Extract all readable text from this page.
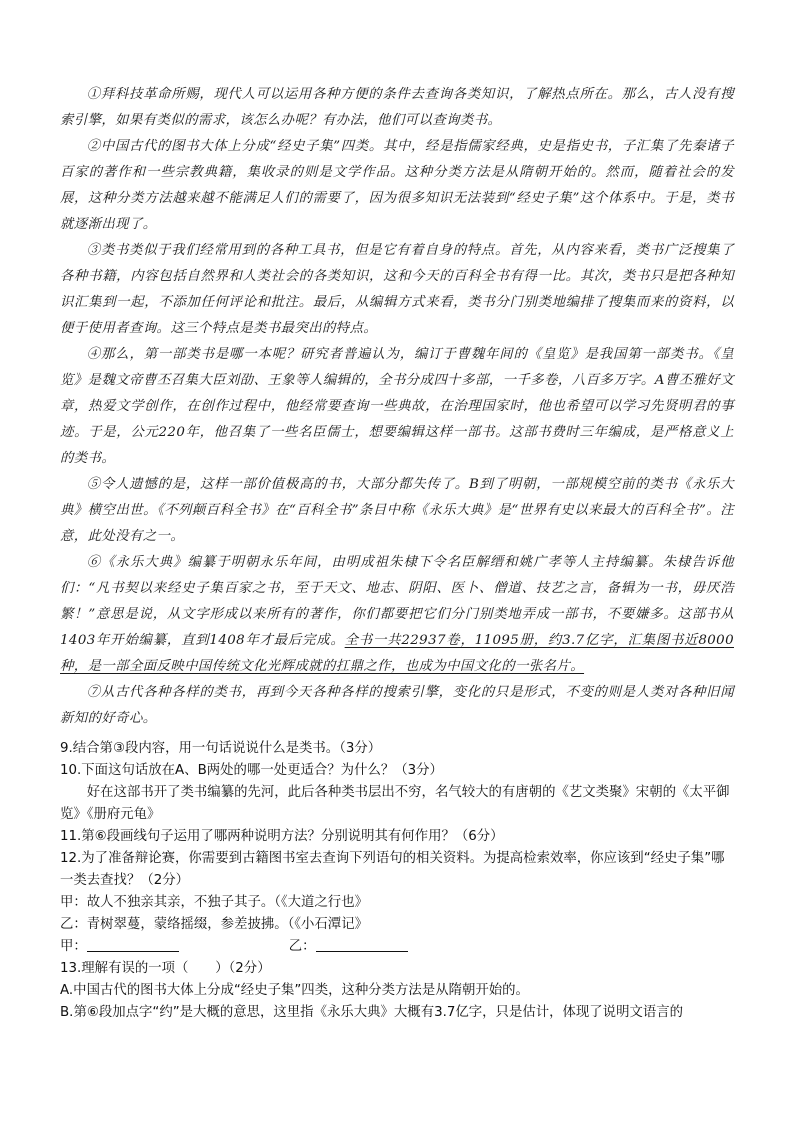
①拜科技革命所赐，现代人可以运用各种方便的条件去查询各类知识，了解热点所在。那么，古人没有搜索引擎，如果有类似的需求，该怎么办呢？有办法，他们可以查询类书。

②中国古代的图书大体上分成“经史子集”四类。其中，经是指儒家经典，史是指史书，子汇集了先秦诸子百家的著作和一些宗教典籍，集收录的则是文学作品。这种分类方法是从隋朝开始的。然而，随着社会的发展，这种分类方法越来越不能满足人们的需要了，因为很多知识无法装到“经史子集”这个体系中。于是，类书就逐渐出现了。

③类书类似于我们经常用到的各种工具书，但是它有着自身的特点。首先，从内容来看，类书广泛搜集了各种书籍，内容包括自然界和人类社会的各类知识，这和今天的百科全书有得一比。其次，类书只是把各种知识汇集到一起，不添加任何评论和批注。最后，从编辑方式来看，类书分门别类地编排了搜集而来的资料，以便于使用者查询。这三个特点是类书最突出的特点。

④那么，第一部类书是哪一本呢？研究者普遍认为，编订于曹魏年间的《皇览》是我国第一部类书。《皇览》是魏文帝曹丕召集大臣刘劭、王象等人编辑的，全书分成四十多部，一千多卷，八百多万字。A曹丕雅好文章，热爱文学创作，在创作过程中，他经常要查询一些典故，在治理国家时，他也希望可以学习先贤明君的事迹。于是，公元220年，他召集了一些名臣儒士，想要编辑这样一部书。这部书费时三年编成，是严格意义上的类书。

⑤令人遗憾的是，这样一部价值极高的书，大部分都失传了。B到了明朝，一部规模空前的类书《永乐大典》横空出世。《不列颠百科全书》在“百科全书”条目中称《永乐大典》是“世界有史以来最大的百科全书”。注意，此处没有之一。

⑥《永乐大典》编纂于明朝永乐年间，由明成祖朱棣下令名臣解缙和姚广孝等人主持编纂。朱棣告诉他们：“凡书契以来经史子集百家之书，至于天文、地志、阴阳、医卜、僧道、技艺之言，备辑为一书，毋厌浩繁！”意思是说，从文字形成以来所有的著作，你们都要把它们分门别类地弄成一部书，不要嫌多。这部书从1403年开始编纂，直到1408年才最后完成。全书一共22937卷，11095册，约3.7亿字，汇集图书近8000种，是一部全面反映中国传统文化光辉成就的扛鼎之作，也成为中国文化的一张名片。

⑦从古代各种各样的类书，再到今天各种各样的搜索引擎，变化的只是形式，不变的则是人类对各种旧闻新知的好奇心。

9.结合第③段内容，用一句话说说什么是类书。（3分）

10.下面这句话放在A、B两处的哪一处更适合？为什么？（3分）

好在这部书开了类书编纂的先河，此后各种类书层出不穷，名气较大的有唐朝的《艺文类聚》宋朝的《太平御览》《册府元龟》

11.第⑥段画线句子运用了哪两种说明方法？分别说明其有何作用？（6分）

12.为了准备辩论赛，你需要到古籍图书室去查询下列语句的相关资料。为提高检索效率，你应该到“经史子集”哪一类去查找？（2分）

甲：故人不独亲其亲，不独子其子。（《大道之行也》

乙：青树翠蔓，蒙络摇缀，参差披拂。（《小石潭记》

甲：	乙：

13.理解有误的一项（　　）（2分）

A.中国古代的图书大体上分成“经史子集”四类，这种分类方法是从隋朝开始的。

B.第⑥段加点字“约”是大概的意思，这里指《永乐大典》大概有3.7亿字，只是估计，体现了说明文语言的
